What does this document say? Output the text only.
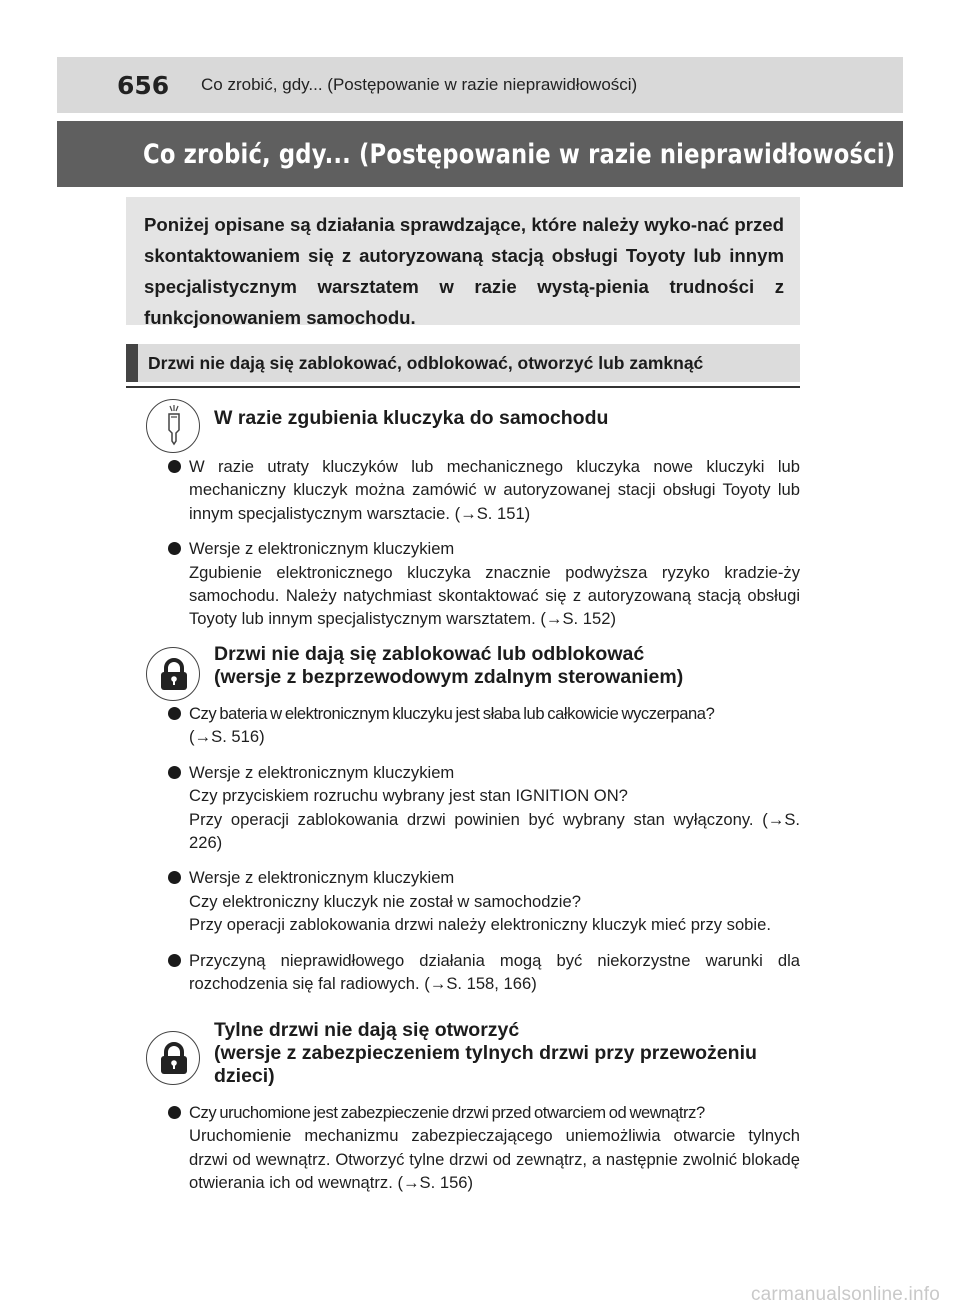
656	Co zrobić, gdy... (Postępowanie w razie nieprawidłowości)
Co zrobić, gdy... (Postępowanie w razie nieprawidłowości)
Poniżej opisane są działania sprawdzające, które należy wyko-nać przed skontaktowaniem się z autoryzowaną stacją obsługi Toyoty lub innym specjalistycznym warsztatem w razie wystą-pienia trudności z funkcjonowaniem samochodu.
Drzwi nie dają się zablokować, odblokować, otworzyć lub zamknąć
W razie zgubienia kluczyka do samochodu
W razie utraty kluczyków lub mechanicznego kluczyka nowe kluczyki lub mechaniczny kluczyk można zamówić w autoryzowanej stacji obsługi Toyoty lub innym specjalistycznym warsztacie. (→S. 151)
Wersje z elektronicznym kluczykiem
Zgubienie elektronicznego kluczyka znacznie podwyższa ryzyko kradzie-ży samochodu. Należy natychmiast skontaktować się z autoryzowaną stacją obsługi Toyoty lub innym specjalistycznym warsztatem. (→S. 152)
Drzwi nie dają się zablokować lub odblokować
(wersje z bezprzewodowym zdalnym sterowaniem)
Czy bateria w elektronicznym kluczyku jest słaba lub całkowicie wyczerpana?
(→S. 516)
Wersje z elektronicznym kluczykiem
Czy przyciskiem rozruchu wybrany jest stan IGNITION ON?
Przy operacji zablokowania drzwi powinien być wybrany stan wyłączony. (→S. 226)
Wersje z elektronicznym kluczykiem
Czy elektroniczny kluczyk nie został w samochodzie?
Przy operacji zablokowania drzwi należy elektroniczny kluczyk mieć przy sobie.
Przyczyną nieprawidłowego działania mogą być niekorzystne warunki dla rozchodzenia się fal radiowych. (→S. 158, 166)
Tylne drzwi nie dają się otworzyć
(wersje z zabezpieczeniem tylnych drzwi przy przewożeniu
dzieci)
Czy uruchomione jest zabezpieczenie drzwi przed otwarciem od wewnątrz?
Uruchomienie mechanizmu zabezpieczającego uniemożliwia otwarcie tylnych drzwi od wewnątrz. Otworzyć tylne drzwi od zewnątrz, a następnie zwolnić blokadę otwierania ich od wewnątrz. (→S. 156)
carmanualsonline.info
